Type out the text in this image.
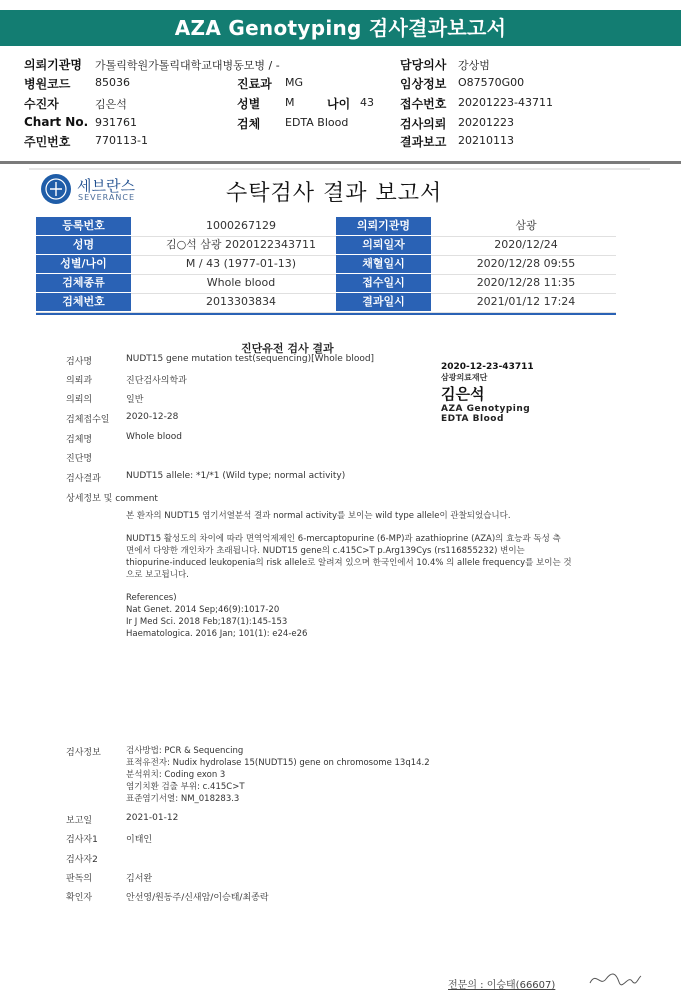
AZA Genotyping 검사결과보고서
의뢰기관명 가톨릭학원가톨릭대학교대병동모병 / -
병원코드 85036
수진자	김은석
Chart No. 931761
주민번호 770113-1
진료과 MG
성별 M	나이 43
검체 EDTA Blood
담당의사 강상범
임상정보 O87570G00
접수번호 20201223-43711
검사의뢰 20201223
결과보고 20210113
세브란스
SEVERANCE	수탁검사 결과 보고서
등록번호	1000267129	의뢰기관명	삼광
성명	김○석 삼광 2020122343711	의뢰일자	2020/12/24
성별/나이	M / 43 (1977-01-13)	채혈일시	2020/12/28 09:55
검체종류	Whole blood	접수일시	2020/12/28 11:35
검체번호	2013303834	결과일시	2021/01/12 17:24
진단유전 검사 결과
검사명	NUDT15 gene mutation test(sequencing)[Whole blood]
의뢰과	진단검사의학과
의뢰의	일반
검체접수일 2020-12-28
검체명	Whole blood
진단명
검사결과	NUDT15 allele: *1/*1 (Wild type; normal activity)
상세정보 및 comment
2020-12-23-43711
삼광의료재단
김은석
AZA Genotyping
EDTA Blood
본 환자의 NUDT15 염기서열분석 결과 normal activity를 보이는 wild type allele이 관찰되었습니다.
NUDT15 활성도의 차이에 따라 면역억제제인 6-mercaptopurine (6-MP)과 azathioprine (AZA)의 효능과 독성 측
면에서 다양한 개인차가 초래됩니다. NUDT15 gene의 c.415C>T p.Arg139Cys (rs116855232) 변이는
thiopurine-induced leukopenia의 risk allele로 알려져 있으며 한국인에서 10.4% 의 allele frequency를 보이는 것
으로 보고됩니다.
References)
Nat Genet. 2014 Sep;46(9):1017-20
Ir J Med Sci. 2018 Feb;187(1):145-153
Haematologica. 2016 Jan; 101(1): e24-e26
검사정보	검사방법: PCR & Sequencing
표적유전자: Nudix hydrolase 15(NUDT15) gene on chromosome 13q14.2
분석위치: Coding exon 3
염기치환 검출 부위: c.415C>T
표준염기서열: NM_018283.3
보고일	2021-01-12
검사자1	이태인
검사자2
판독의	김서완
확인자	안선영/원동주/신새암/이승태/최종락
전문의 : 이승태(66607)
